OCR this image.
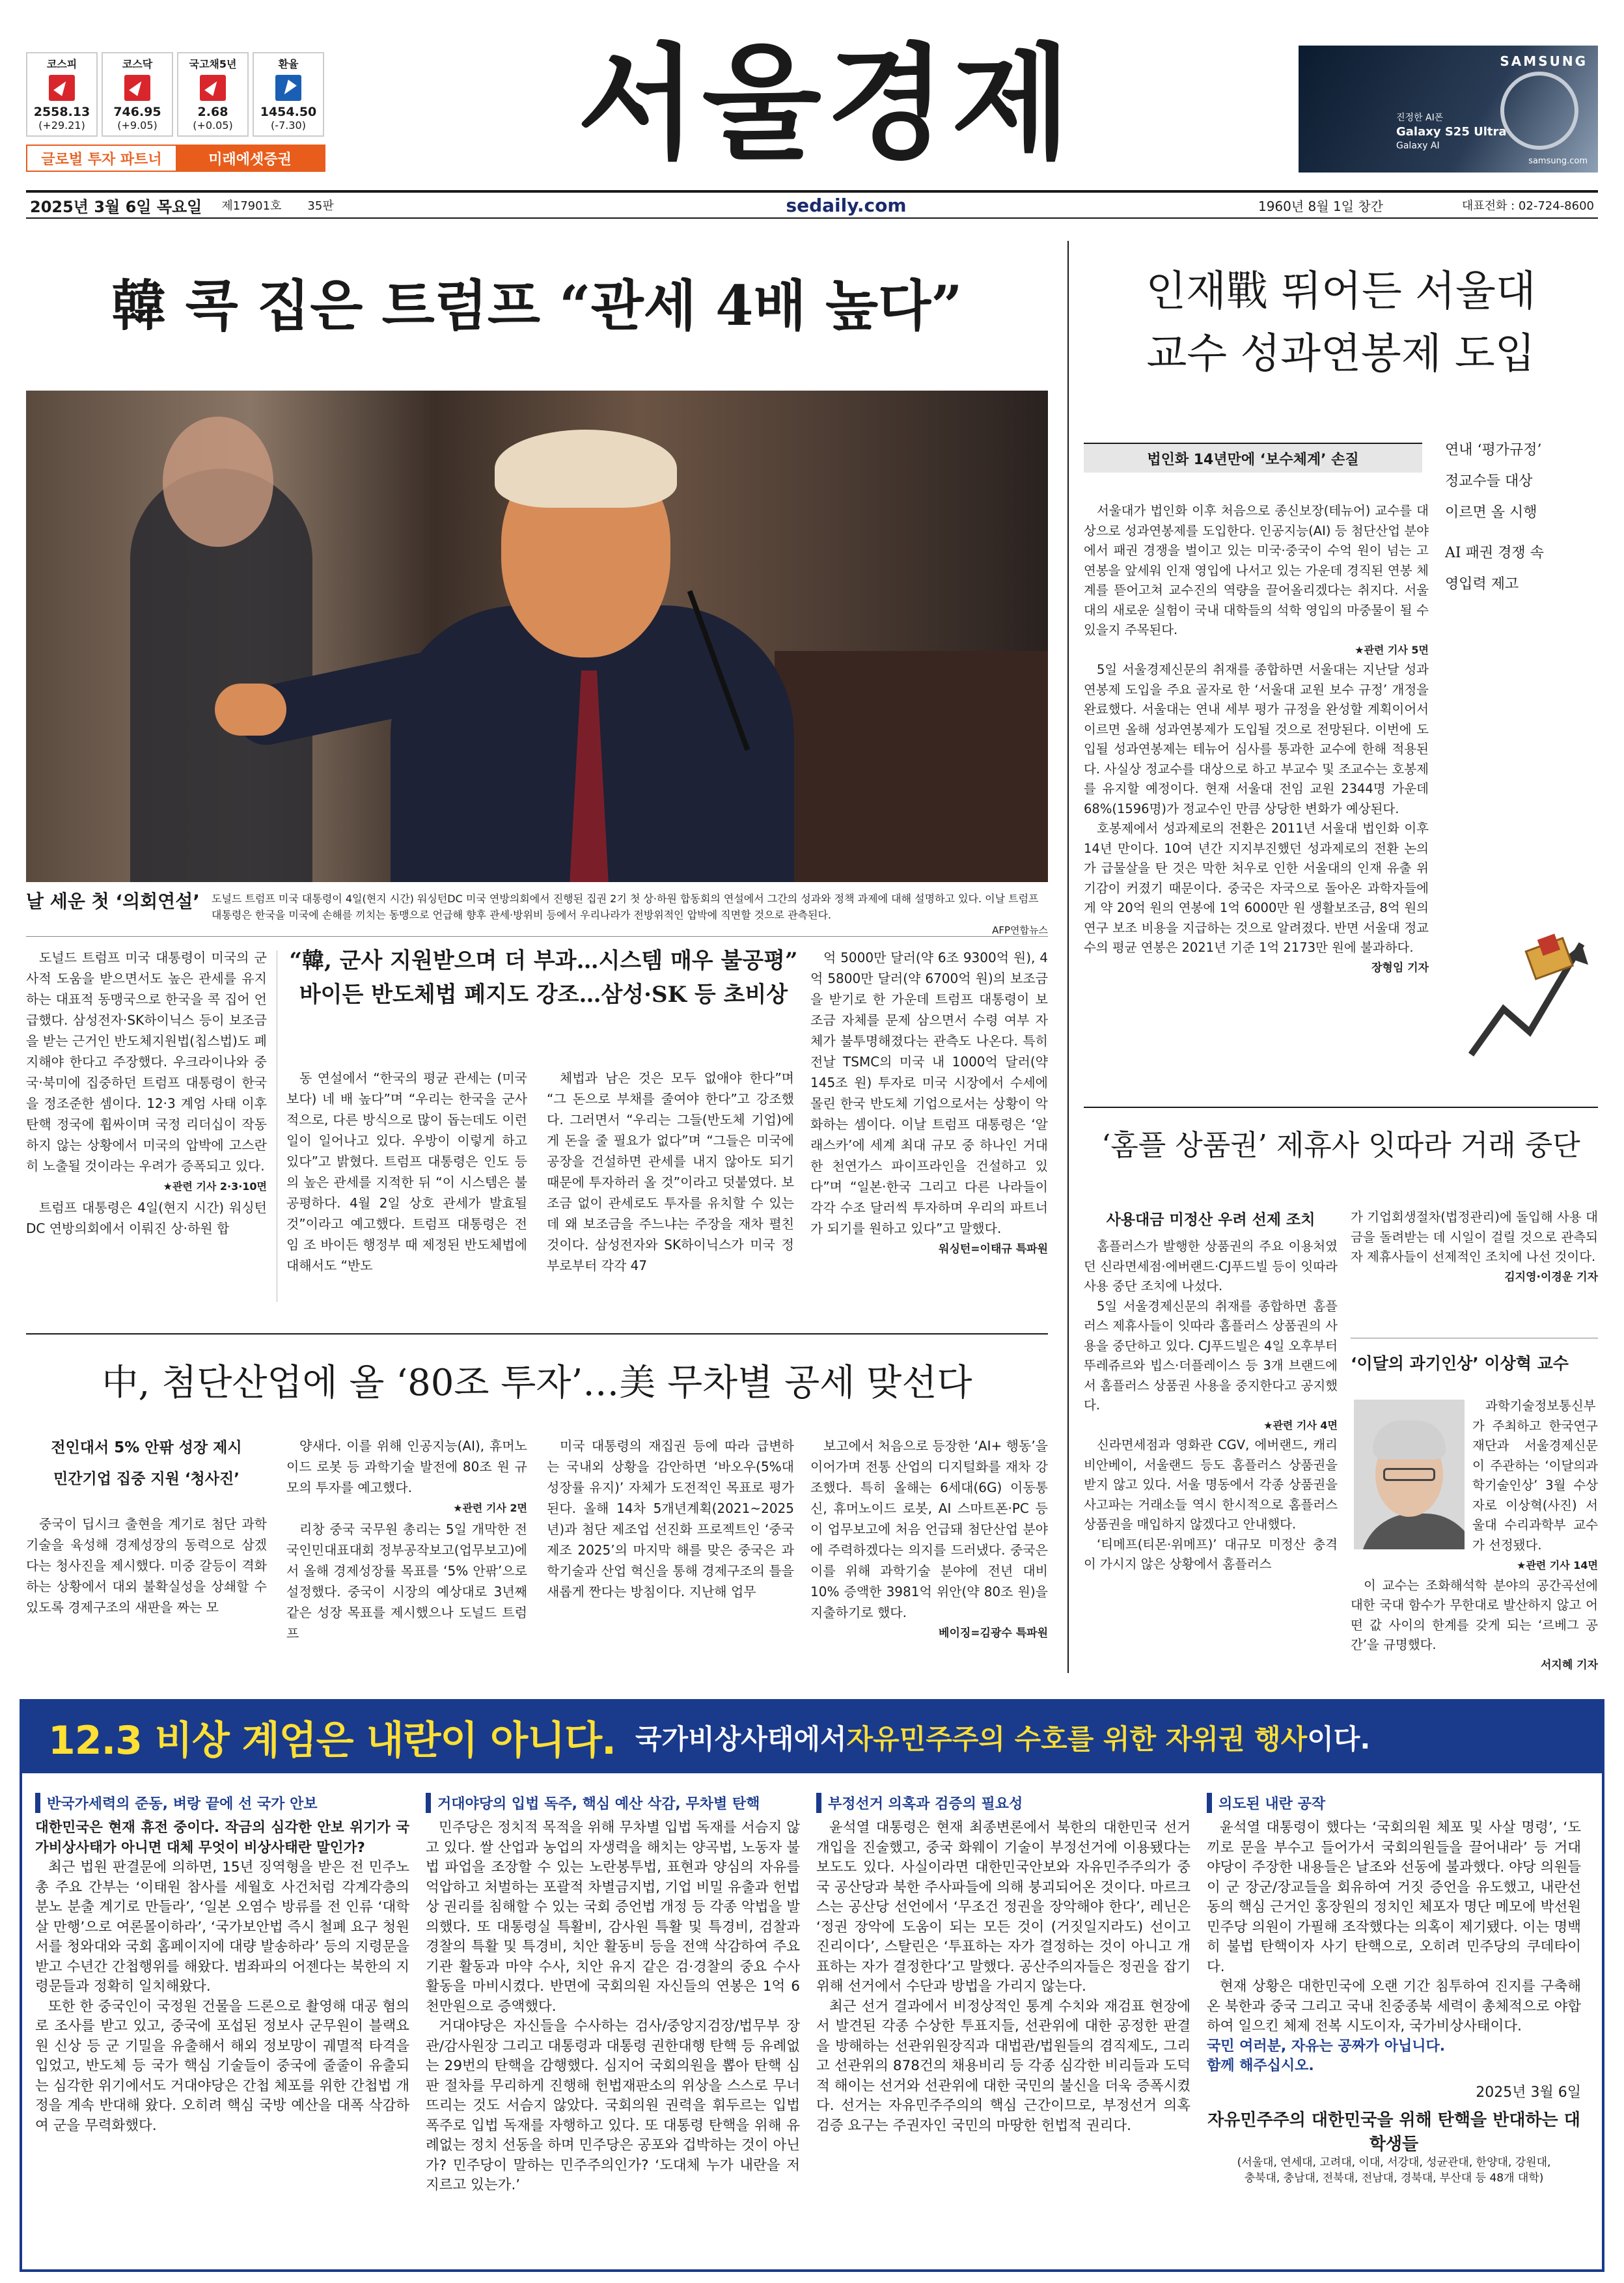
코스피
2558.13
(+29.21)
코스닥
746.95
(+9.05)
국고채5년
2.68
(+0.05)
환율
1454.50
(-7.30)
글로벌 투자 파트너	미래에셋증권	서울경제	SAMSUNG
진정한 AI폰
Galaxy S25 Ultra
Galaxy AI
samsung.com
2025년 3월 6일 목요일 제17901호 35판	sedaily.com	1960년 8월 1일 창간	대표전화 : 02-724-8600
韓 콕 집은 트럼프 “관세 4배 높다”
날 세운 첫 ‘의회연설’	도널드 트럼프 미국 대통령이 4일(현지 시간) 워싱턴DC 미국 연방의회에서 진행된 집권 2기 첫 상·하원 합동회의 연설에서 그간의 성과와 정책 과제에 대해 설명하고 있다. 이날 트럼프 대통령은 한국을 미국에 손해를 끼치는 동맹으로 언급해 향후 관세·방위비 등에서 우리나라가 전방위적인 압박에 직면할 것으로 관측된다.
AFP연합뉴스

도널드 트럼프 미국 대통령이 미국의 군사적 도움을 받으면서도 높은 관세를 유지하는 대표적 동맹국으로 한국을 콕 집어 언급했다. 삼성전자·SK하이닉스 등이 보조금을 받는 근거인 반도체지원법(칩스법)도 폐지해야 한다고 주장했다. 우크라이나와 중국·북미에 집중하던 트럼프 대통령이 한국을 정조준한 셈이다. 12·3 계엄 사태 이후 탄핵 정국에 휩싸이며 국정 리더십이 작동하지 않는 상황에서 미국의 압박에 고스란히 노출될 것이라는 우려가 증폭되고 있다.

★관련 기사 2·3·10면

트럼프 대통령은 4일(현지 시간) 워싱턴DC 연방의회에서 이뤄진 상·하원 합

“韓, 군사 지원받으며 더 부과…시스템 매우 불공평”
바이든 반도체법 폐지도 강조…삼성·SK 등 초비상

동 연설에서 “한국의 평균 관세는 (미국보다) 네 배 높다”며 “우리는 한국을 군사적으로, 다른 방식으로 많이 돕는데도 이런 일이 일어나고 있다. 우방이 이렇게 하고 있다”고 밝혔다. 트럼프 대통령은 인도 등의 높은 관세를 지적한 뒤 “이 시스템은 불공평하다. 4월 2일 상호 관세가 발효될 것”이라고 예고했다. 트럼프 대통령은 전임 조 바이든 행정부 때 제정된 반도체법에 대해서도 “반도

체법과 남은 것은 모두 없애야 한다”며 “그 돈으로 부채를 줄여야 한다”고 강조했다. 그러면서 “우리는 그들(반도체 기업)에게 돈을 줄 필요가 없다”며 “그들은 미국에 공장을 건설하면 관세를 내지 않아도 되기 때문에 투자하러 올 것”이라고 덧붙였다. 보조금 없이 관세로도 투자를 유치할 수 있는데 왜 보조금을 주느냐는 주장을 재차 펼친 것이다. 삼성전자와 SK하이닉스가 미국 정부로부터 각각 47

억 5000만 달러(약 6조 9300억 원), 4억 5800만 달러(약 6700억 원)의 보조금을 받기로 한 가운데 트럼프 대통령이 보조금 자체를 문제 삼으면서 수령 여부 자체가 불투명해졌다는 관측도 나온다. 특히 전날 TSMC의 미국 내 1000억 달러(약 145조 원) 투자로 미국 시장에서 수세에 몰린 한국 반도체 기업으로서는 상황이 악화하는 셈이다. 이날 트럼프 대통령은 ‘알래스카’에 세계 최대 규모 중 하나인 거대한 천연가스 파이프라인을 건설하고 있다”며 “일본·한국 그리고 다른 나라들이 각각 수조 달러씩 투자하며 우리의 파트너가 되기를 원하고 있다”고 말했다.

워싱턴=이태규 특파원
中, 첨단산업에 올 ‘80조 투자’…美 무차별 공세 맞선다
전인대서 5% 안팎 성장 제시
민간기업 집중 지원 ‘청사진’

중국이 딥시크 출현을 계기로 첨단 과학기술을 육성해 경제성장의 동력으로 삼겠다는 청사진을 제시했다. 미중 갈등이 격화하는 상황에서 대외 불확실성을 상쇄할 수 있도록 경제구조의 새판을 짜는 모

양새다. 이를 위해 인공지능(AI), 휴머노이드 로봇 등 과학기술 발전에 80조 원 규모의 투자를 예고했다.

★관련 기사 2면

리창 중국 국무원 총리는 5일 개막한 전국인민대표대회 정부공작보고(업무보고)에서 올해 경제성장률 목표를 ‘5% 안팎’으로 설정했다. 중국이 시장의 예상대로 3년째 같은 성장 목표를 제시했으나 도널드 트럼프

미국 대통령의 재집권 등에 따라 급변하는 국내외 상황을 감안하면 ‘바오우(5%대 성장률 유지)’ 자체가 도전적인 목표로 평가된다. 올해 14차 5개년계획(2021~2025년)과 첨단 제조업 선진화 프로젝트인 ‘중국 제조 2025’의 마지막 해를 맞은 중국은 과학기술과 산업 혁신을 통해 경제구조의 틀을 새롭게 짠다는 방침이다. 지난해 업무

보고에서 처음으로 등장한 ‘AI+ 행동’을 이어가며 전통 산업의 디지털화를 재차 강조했다. 특히 올해는 6세대(6G) 이동통신, 휴머노이드 로봇, AI 스마트폰·PC 등이 업무보고에 처음 언급돼 첨단산업 분야에 주력하겠다는 의지를 드러냈다. 중국은 이를 위해 과학기술 분야에 전년 대비 10% 증액한 3981억 위안(약 80조 원)을 지출하기로 했다.

베이징=김광수 특파원
인재戰 뛰어든 서울대
교수 성과연봉제 도입
법인화 14년만에 ‘보수체계’ 손질
연내 ‘평가규정’
정교수들 대상
이르면 올 시행
AI 패권 경쟁 속
영입력 제고

서울대가 법인화 이후 처음으로 종신보장(테뉴어) 교수를 대상으로 성과연봉제를 도입한다. 인공지능(AI) 등 첨단산업 분야에서 패권 경쟁을 벌이고 있는 미국·중국이 수억 원이 넘는 고연봉을 앞세워 인재 영입에 나서고 있는 가운데 경직된 연봉 체계를 뜯어고쳐 교수진의 역량을 끌어올리겠다는 취지다. 서울대의 새로운 실험이 국내 대학들의 석학 영입의 마중물이 될 수 있을지 주목된다.

★관련 기사 5면

5일 서울경제신문의 취재를 종합하면 서울대는 지난달 성과연봉제 도입을 주요 골자로 한 ‘서울대 교원 보수 규정’ 개정을 완료했다. 서울대는 연내 세부 평가 규정을 완성할 계획이어서 이르면 올해 성과연봉제가 도입될 것으로 전망된다. 이번에 도입될 성과연봉제는 테뉴어 심사를 통과한 교수에 한해 적용된다. 사실상 정교수를 대상으로 하고 부교수 및 조교수는 호봉제를 유지할 예정이다. 현재 서울대 전임 교원 2344명 가운데 68%(1596명)가 정교수인 만큼 상당한 변화가 예상된다.

호봉제에서 성과제로의 전환은 2011년 서울대 법인화 이후 14년 만이다. 10여 년간 지지부진했던 성과제로의 전환 논의가 급물살을 탄 것은 막한 처우로 인한 서울대의 인재 유출 위기감이 커졌기 때문이다. 중국은 자국으로 돌아온 과학자들에게 약 20억 원의 연봉에 1억 6000만 원 생활보조금, 8억 원의 연구 보조 비용을 지급하는 것으로 알려졌다. 반면 서울대 정교수의 평균 연봉은 2021년 기준 1억 2173만 원에 불과하다.

장형임 기자
‘홈플 상품권’ 제휴사 잇따라 거래 중단
사용대금 미정산 우려 선제 조치

홈플러스가 발행한 상품권의 주요 이용처였던 신라면세점·에버랜드·CJ푸드빌 등이 잇따라 사용 중단 조치에 나섰다.

5일 서울경제신문의 취재를 종합하면 홈플러스 제휴사들이 잇따라 홈플러스 상품권의 사용을 중단하고 있다. CJ푸드빌은 4일 오후부터 뚜레쥬르와 빕스·더플레이스 등 3개 브랜드에서 홈플러스 상품권 사용을 중지한다고 공지했다.

★관련 기사 4면

신라면세점과 영화관 CGV, 에버랜드, 캐리비안베이, 서울랜드 등도 홈플러스 상품권을 받지 않고 있다. 서울 명동에서 각종 상품권을 사고파는 거래소들 역시 한시적으로 홈플러스 상품권을 매입하지 않겠다고 안내했다.

‘티메프(티몬·위메프)’ 대규모 미정산 충격이 가시지 않은 상황에서 홈플러스

가 기업회생절차(법정관리)에 돌입해 사용 대금을 돌려받는 데 시일이 걸릴 것으로 관측되자 제휴사들이 선제적인 조치에 나선 것이다.

김지영·이경운 기자
‘이달의 과기인상’ 이상혁 교수

과학기술정보통신부가 주최하고 한국연구재단과 서울경제신문이 주관하는 ‘이달의과학기술인상’ 3월 수상자로 이상혁(사진) 서울대 수리과학부 교수가 선정됐다.

★관련 기사 14면

이 교수는 조화해석학 분야의 공간곡선에 대한 국대 함수가 무한대로 발산하지 않고 어떤 값 사이의 한계를 갖게 되는 ‘르베그 공간’을 규명했다.

서지혜 기자
12.3 비상 계엄은 내란이 아니다. 국가비상사태에서 자유민주주의 수호를 위한 자위권 행사 이다.
반국가세력의 준동, 벼랑 끝에 선 국가 안보

대한민국은 현재 휴전 중이다. 작금의 심각한 안보 위기가 국가비상사태가 아니면 대체 무엇이 비상사태란 말인가?

최근 법원 판결문에 의하면, 15년 징역형을 받은 전 민주노총 주요 간부는 ‘이태원 참사를 세월호 사건처럼 각계각층의 분노 분출 계기로 만들라’, ‘일본 오염수 방류를 전 인류 ‘대학살 만행’으로 여론몰이하라’, ‘국가보안법 즉시 철폐 요구 청원서를 청와대와 국회 홈페이지에 대량 발송하라’ 등의 지령문을 받고 수년간 간첩행위를 해왔다. 범좌파의 어젠다는 북한의 지령문들과 정확히 일치해왔다.

또한 한 중국인이 국정원 건물을 드론으로 촬영해 대공 혐의로 조사를 받고 있고, 중국에 포섭된 정보사 군무원이 블랙요원 신상 등 군 기밀을 유출해서 해외 정보망이 궤멸적 타격을 입었고, 반도체 등 국가 핵심 기술들이 중국에 줄줄이 유출되는 심각한 위기에서도 거대야당은 간첩 체포를 위한 간첩법 개정을 계속 반대해 왔다. 오히려 핵심 국방 예산을 대폭 삭감하여 군을 무력화했다.

거대야당의 입법 독주, 핵심 예산 삭감, 무차별 탄핵

민주당은 정치적 목적을 위해 무차별 입법 독재를 서슴지 않고 있다. 쌀 산업과 농업의 자생력을 해치는 양곡법, 노동자 불법 파업을 조장할 수 있는 노란봉투법, 표현과 양심의 자유를 억압하고 처벌하는 포괄적 차별금지법, 기업 비밀 유출과 헌법상 권리를 침해할 수 있는 국회 증언법 개정 등 각종 악법을 발의했다. 또 대통령실 특활비, 감사원 특활 및 특경비, 검찰과 경찰의 특활 및 특경비, 치안 활동비 등을 전액 삭감하여 주요 기관 활동과 마약 수사, 치안 유지 같은 검·경찰의 중요 수사 활동을 마비시켰다. 반면에 국회의원 자신들의 연봉은 1억 6천만원으로 증액했다.

거대야당은 자신들을 수사하는 검사/중앙지검장/법무부 장관/감사원장 그리고 대통령과 대통령 권한대행 탄핵 등 유례없는 29번의 탄핵을 감행했다. 심지어 국회의원을 뽑아 탄핵 심판 절차를 무리하게 진행해 헌법재판소의 위상을 스스로 무너뜨리는 것도 서슴지 않았다. 국회의원 권력을 휘두르는 입법 폭주로 입법 독재를 자행하고 있다. 또 대통령 탄핵을 위해 유례없는 정치 선동을 하며 민주당은 공포와 겁박하는 것이 아닌가? 민주당이 말하는 민주주의인가? ‘도대체 누가 내란을 저지르고 있는가.’

부정선거 의혹과 검증의 필요성

윤석열 대통령은 현재 최종변론에서 북한의 대한민국 선거 개입을 진술했고, 중국 화웨이 기술이 부정선거에 이용됐다는 보도도 있다. 사실이라면 대한민국안보와 자유민주주의가 중국 공산당과 북한 주사파들에 의해 붕괴되어온 것이다. 마르크스는 공산당 선언에서 ‘무조건 정권을 장악해야 한다’, 레닌은 ‘정권 장악에 도움이 되는 모든 것이 (거짓일지라도) 선이고 진리이다’, 스탈린은 ‘투표하는 자가 결정하는 것이 아니고 개표하는 자가 결정한다’고 말했다. 공산주의자들은 정권을 잡기 위해 선거에서 수단과 방법을 가리지 않는다.

최근 선거 결과에서 비정상적인 통계 수치와 재검표 현장에서 발견된 각종 수상한 투표지들, 선관위에 대한 공정한 판결을 방해하는 선관위원장직과 대법관/법원들의 겸직제도, 그리고 선관위의 878건의 채용비리 등 각종 심각한 비리들과 도덕적 해이는 선거와 선관위에 대한 국민의 불신을 더욱 증폭시켰다. 선거는 자유민주주의의 핵심 근간이므로, 부정선거 의혹 검증 요구는 주권자인 국민의 마땅한 헌법적 권리다.

의도된 내란 공작

윤석열 대통령이 했다는 ‘국회의원 체포 및 사살 명령’, ‘도끼로 문을 부수고 들어가서 국회의원들을 끌어내라’ 등 거대 야당이 주장한 내용들은 날조와 선동에 불과했다. 야당 의원들이 군 장군/장교들을 회유하여 거짓 증언을 유도했고, 내란선동의 핵심 근거인 홍장원의 정치인 체포자 명단 메모에 박선원 민주당 의원이 가필해 조작했다는 의혹이 제기됐다. 이는 명백히 불법 탄핵이자 사기 탄핵으로, 오히려 민주당의 쿠데타이다.

현재 상황은 대한민국에 오랜 기간 침투하여 진지를 구축해온 북한과 중국 그리고 국내 친중종북 세력이 총체적으로 야합하여 일으킨 체제 전복 시도이자, 국가비상사태이다.

국민 여러분, 자유는 공짜가 아닙니다.
함께 해주십시오.
2025년 3월 6일
자유민주주의 대한민국을 위해 탄핵을 반대하는 대학생들
(서울대, 연세대, 고려대, 이대, 서강대, 성균관대, 한양대, 강원대,
충북대, 충남대, 전북대, 전남대, 경북대, 부산대 등 48개 대학)
